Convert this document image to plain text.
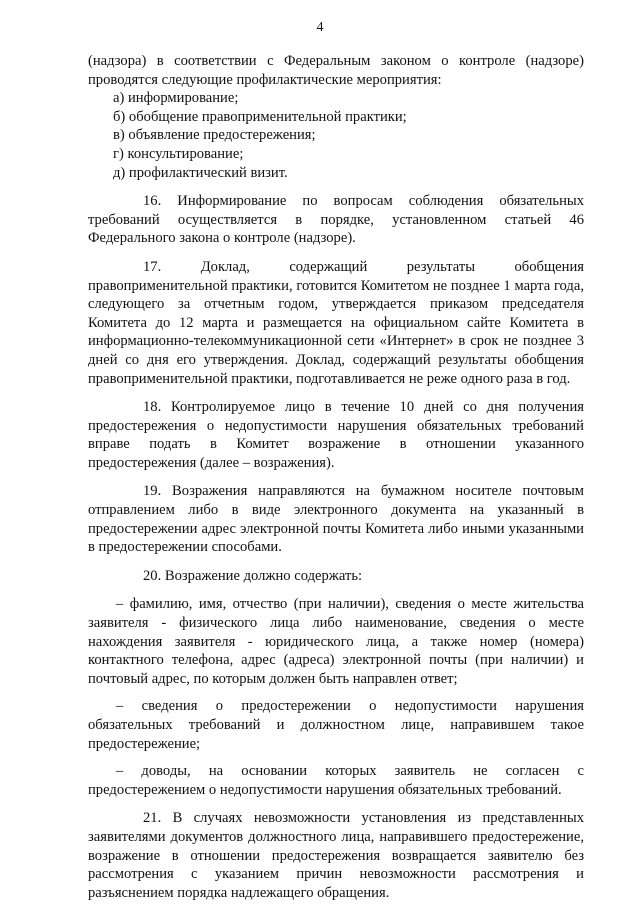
4

(надзора) в соответствии с Федеральным законом о контроле (надзоре) проводятся следующие профилактические мероприятия:

а) информирование;

б) обобщение правоприменительной практики;

в) объявление предостережения;

г) консультирование;

д) профилактический визит.

16. Информирование по вопросам соблюдения обязательных требований осуществляется в порядке, установленном статьей 46 Федерального закона о контроле (надзоре).

17. Доклад, содержащий результаты обобщения правоприменительной практики, готовится Комитетом не позднее 1 марта года, следующего за отчетным годом, утверждается приказом председателя Комитета до 12 марта и размещается на официальном сайте Комитета в информационно-телекоммуникационной сети «Интернет» в срок не позднее 3 дней со дня его утверждения. Доклад, содержащий результаты обобщения правоприменительной практики, подготавливается не реже одного раза в год.

18. Контролируемое лицо в течение 10 дней со дня получения предостережения о недопустимости нарушения обязательных требований вправе подать в Комитет возражение в отношении указанного предостережения (далее – возражения).

19. Возражения направляются на бумажном носителе почтовым отправлением либо в виде электронного документа на указанный в предостережении адрес электронной почты Комитета либо иными указанными в предостережении способами.

20. Возражение должно содержать:

– фамилию, имя, отчество (при наличии), сведения о месте жительства заявителя - физического лица либо наименование, сведения о месте нахождения заявителя - юридического лица, а также номер (номера) контактного телефона, адрес (адреса) электронной почты (при наличии) и почтовый адрес, по которым должен быть направлен ответ;

– сведения о предостережении о недопустимости нарушения обязательных требований и должностном лице, направившем такое предостережение;

– доводы, на основании которых заявитель не согласен с предостережением о недопустимости нарушения обязательных требований.

21. В случаях невозможности установления из представленных заявителями документов должностного лица, направившего предостережение, возражение в отношении предостережения возвращается заявителю без рассмотрения с указанием причин невозможности рассмотрения и разъяснением порядка надлежащего обращения.
